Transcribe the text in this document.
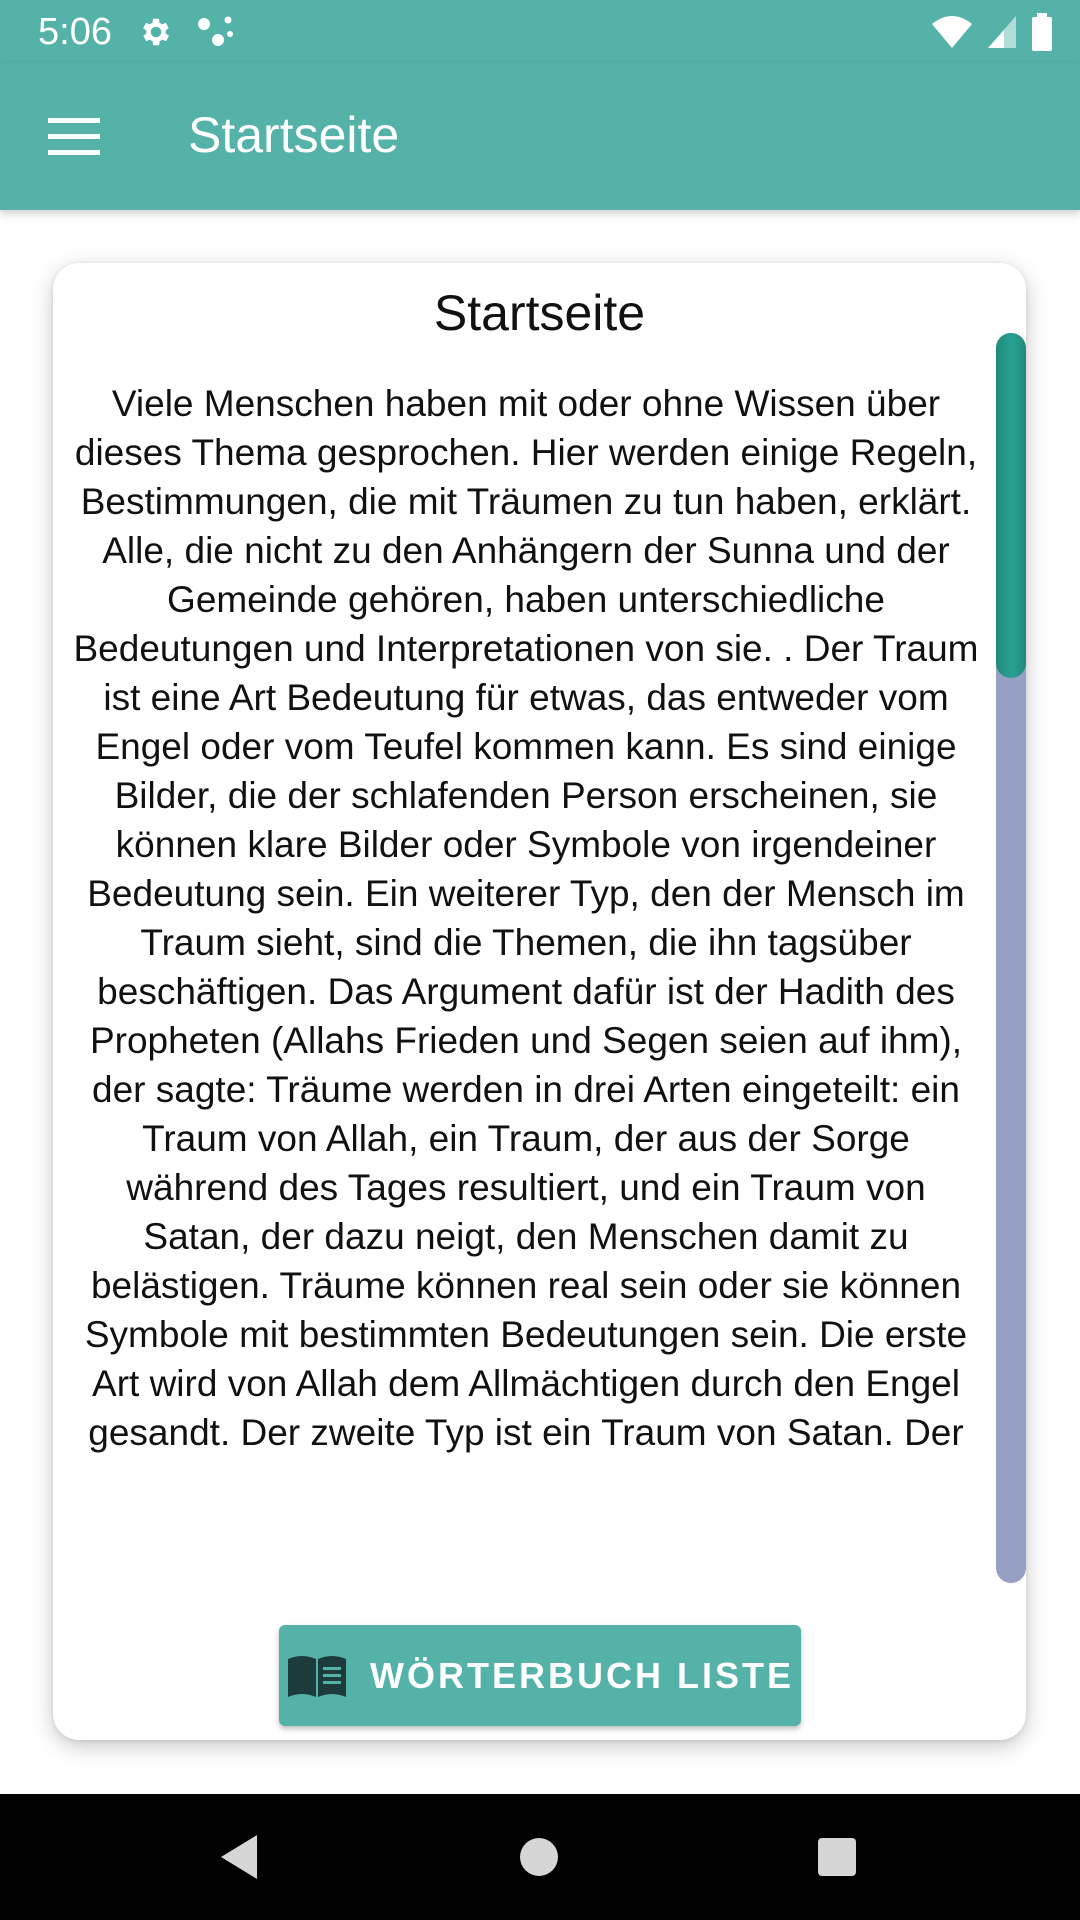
5:06
Startseite
Startseite

Viele Menschen haben mit oder ohne Wissen über dieses Thema gesprochen. Hier werden einige Regeln, Bestimmungen, die mit Träumen zu tun haben, erklärt. Alle, die nicht zu den Anhängern der Sunna und der Gemeinde gehören, haben unterschiedliche Bedeutungen und Interpretationen von sie. . Der Traum ist eine Art Bedeutung für etwas, das entweder vom Engel oder vom Teufel kommen kann. Es sind einige Bilder, die der schlafenden Person erscheinen, sie können klare Bilder oder Symbole von irgendeiner Bedeutung sein. Ein weiterer Typ, den der Mensch im Traum sieht, sind die Themen, die ihn tagsüber beschäftigen. Das Argument dafür ist der Hadith des Propheten (Allahs Frieden und Segen seien auf ihm), der sagte: Träume werden in drei Arten eingeteilt: ein Traum von Allah, ein Traum, der aus der Sorge während des Tages resultiert, und ein Traum von Satan, der dazu neigt, den Menschen damit zu belästigen. Träume können real sein oder sie können Symbole mit bestimmten Bedeutungen sein. Die erste Art wird von Allah dem Allmächtigen durch den Engel gesandt. Der zweite Typ ist ein Traum von Satan. Der

WÖRTERBUCH LISTE
